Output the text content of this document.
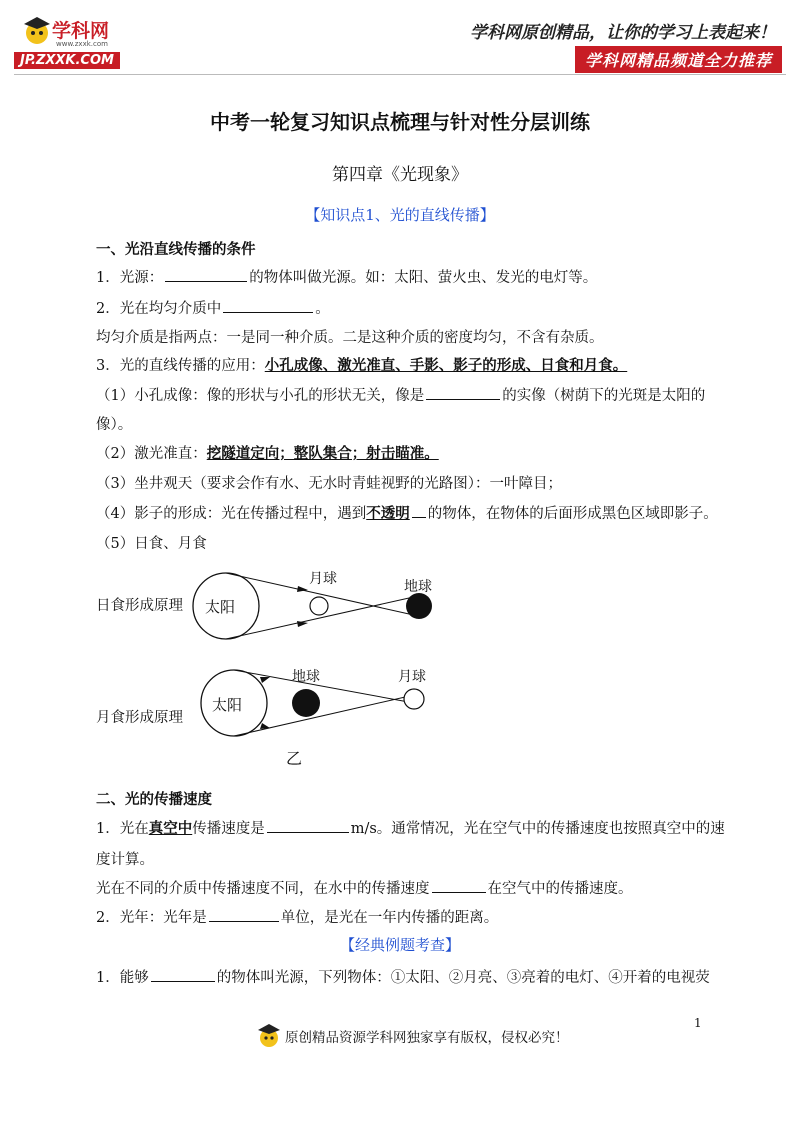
学科网
www.zxxk.com
JP.ZXXK.COM
学科网原创精品，让你的学习上表起来！
学科网精品频道全力推荐
中考一轮复习知识点梳理与针对性分层训练
第四章《光现象》
【知识点1、光的直线传播】
一、光沿直线传播的条件
1．光源：	的物体叫做光源。如：太阳、萤火虫、发光的电灯等。
2．光在均匀介质中	。
均匀介质是指两点：一是同一种介质。二是这种介质的密度均匀，不含有杂质。
3．光的直线传播的应用：小孔成像、激光准直、手影、影子的形成、日食和月食。
（1）小孔成像：像的形状与小孔的形状无关，像是	的实像（树荫下的光斑是太阳的
像）。
（2）激光准直：挖隧道定向；整队集合；射击瞄准。
（3）坐井观天（要求会作有水、无水时青蛙视野的光路图）：一叶障目；
（4）影子的形成：光在传播过程中，遇到不透明 的物体，在物体的后面形成黑色区域即影子。
（5）日食、月食
日食形成原理 太阳
月球	地球
月食形成原理
太阳
地球	月球
乙
二、光的传播速度
1．光在真空中传播速度是	m/s。通常情况，光在空气中的传播速度也按照真空中的速
度计算。
光在不同的介质中传播速度不同，在水中的传播速度	在空气中的传播速度。
2．光年：光年是	单位，是光在一年内传播的距离。
【经典例题考查】
1．能够	的物体叫光源，下列物体：①太阳、②月亮、③亮着的电灯、④开着的电视荧
1
原创精品资源学科网独家享有版权，侵权必究！
